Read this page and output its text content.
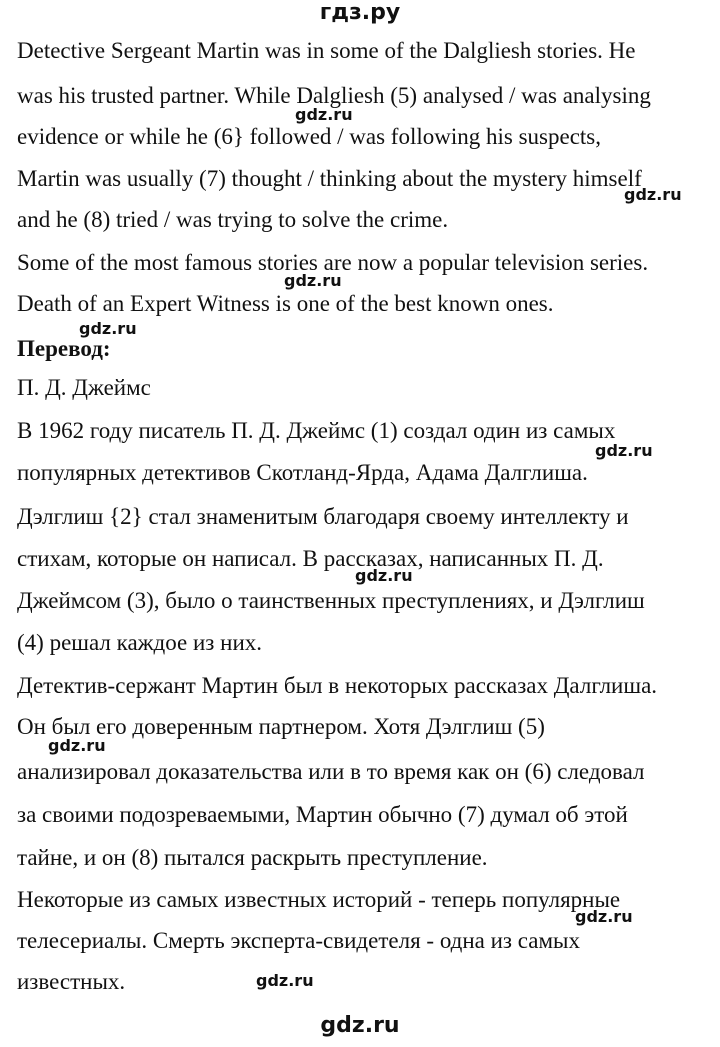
гдз.ру
Detective Sergeant Martin was in some of the Dalgliesh stories. He
was his trusted partner. While Dalgliesh (5) analysed / was analysing
evidence or while he (6} followed / was following his suspects,
Martin was usually (7) thought / thinking about the mystery himself
and he (8) tried / was trying to solve the crime.
Some of the most famous stories are now a popular television series.
Death of an Expert Witness is one of the best known ones.
Перевод:
П. Д. Джеймс
В 1962 году писатель П. Д. Джеймс (1) создал один из самых
популярных детективов Скотланд-Ярда, Адама Далглиша.
Дэлглиш {2} стал знаменитым благодаря своему интеллекту и
стихам, которые он написал. В рассказах, написанных П. Д.
Джеймсом (3), было о таинственных преступлениях, и Дэлглиш
(4) решал каждое из них.
Детектив-сержант Мартин был в некоторых рассказах Далглиша.
Он был его доверенным партнером. Хотя Дэлглиш (5)
анализировал доказательства или в то время как он (6) следовал
за своими подозреваемыми, Мартин обычно (7) думал об этой
тайне, и он (8) пытался раскрыть преступление.
Некоторые из самых известных историй - теперь популярные
телесериалы. Смерть эксперта-свидетеля - одна из самых
известных.
gdz.ru
gdz.ru
gdz.ru
gdz.ru
gdz.ru
gdz.ru
gdz.ru
gdz.ru
gdz.ru
gdz.ru
